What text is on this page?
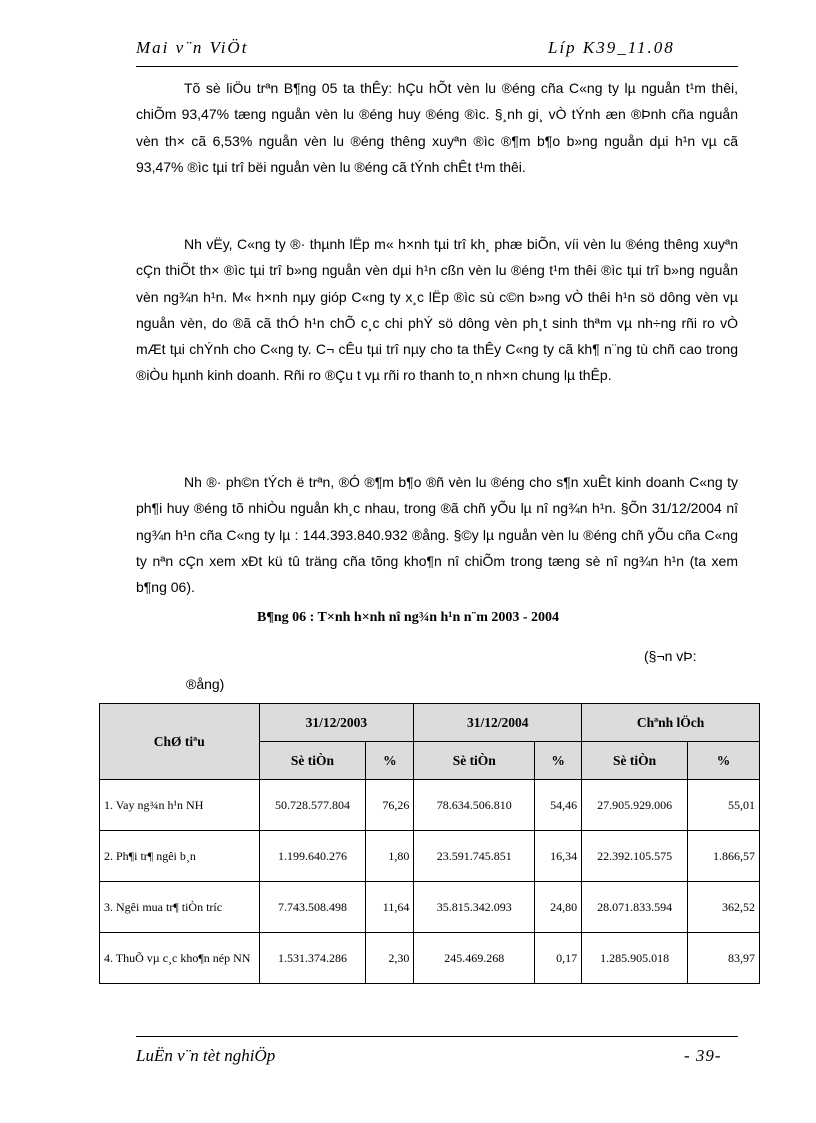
Mai v¨n ViÖt	Líp K39_11.08

Tõ sè liÖu trªn B¶ng 05 ta thÊy: hÇu hÕt vèn lu ®éng cña C«ng ty lµ nguån t¹m thêi, chiÕm 93,47% tæng nguån vèn lu ®éng huy ®éng ®ìc. §¸nh gi¸ vÒ tÝnh æn ®Þnh cña nguån vèn th× cã 6,53% nguån vèn lu ®éng thêng xuyªn ®ìc ®¶m b¶o b»ng nguån dµi h¹n vµ cã 93,47% ®ìc tµi trî bëi nguån vèn lu ®éng cã tÝnh chÊt t¹m thêi.

Nh vËy, C«ng ty ®· thµnh lËp m« h×nh tµi trî kh¸ phæ biÕn, víi vèn lu ®éng thêng xuyªn cÇn thiÕt th× ®ìc tµi trî b»ng nguån vèn dµi h¹n cßn vèn lu ®éng t¹m thêi ®ìc tµi trî b»ng nguån vèn ng¾n h¹n. M« h×nh nµy gióp C«ng ty x¸c lËp ®ìc sù c©n b»ng vÒ thêi h¹n sö dông vèn vµ nguån vèn, do ®ã cã thÓ h¹n chÕ c¸c chi phÝ sö dông vèn ph¸t sinh thªm vµ nh÷ng rñi ro vÒ mÆt tµi chÝnh cho C«ng ty. C¬ cÊu tµi trî nµy cho ta thÊy C«ng ty cã kh¶ n¨ng tù chñ cao trong ®iÒu hµnh kinh doanh. Rñi ro ®Çu t vµ rñi ro thanh to¸n nh×n chung lµ thÊp.

Nh ®· ph©n tÝch ë trªn, ®Ó ®¶m b¶o ®ñ vèn lu ®éng cho s¶n xuÊt kinh doanh C«ng ty ph¶i huy ®éng tõ nhiÒu nguån kh¸c nhau, trong ®ã chñ yÕu lµ nî ng¾n h¹n. §Õn 31/12/2004 nî ng¾n h¹n cña C«ng ty lµ : 144.393.840.932 ®ång. §©y lµ nguån vèn lu ®éng chñ yÕu cña C«ng ty nªn cÇn xem xÐt kü tû träng cña tõng kho¶n nî chiÕm trong tæng sè nî ng¾n h¹n (ta xem b¶ng 06).

B¶ng 06 : T×nh h×nh nî ng¾n h¹n n¨m 2003 - 2004
(§¬n vÞ:
®ång)
ChØ tiªu	31/12/2003		31/12/2004		Chªnh lÖch	
	Sè tiÒn	%	Sè tiÒn	%	Sè tiÒn	%
1. Vay ng¾n h¹n NH	50.728.577.804	76,26	78.634.506.810	54,46	27.905.929.006	55,01
2. Ph¶i tr¶ ngêi b¸n	1.199.640.276	1,80	23.591.745.851	16,34	22.392.105.575	1.866,57
3. Ngêi mua tr¶ tiÒn tríc	7.743.508.498	11,64	35.815.342.093	24,80	28.071.833.594	362,52
4. ThuÕ vµ c¸c kho¶n nép NN	1.531.374.286	2,30	245.469.268	0,17	1.285.905.018	83,97
LuËn v¨n tèt nghiÖp	- 39-
